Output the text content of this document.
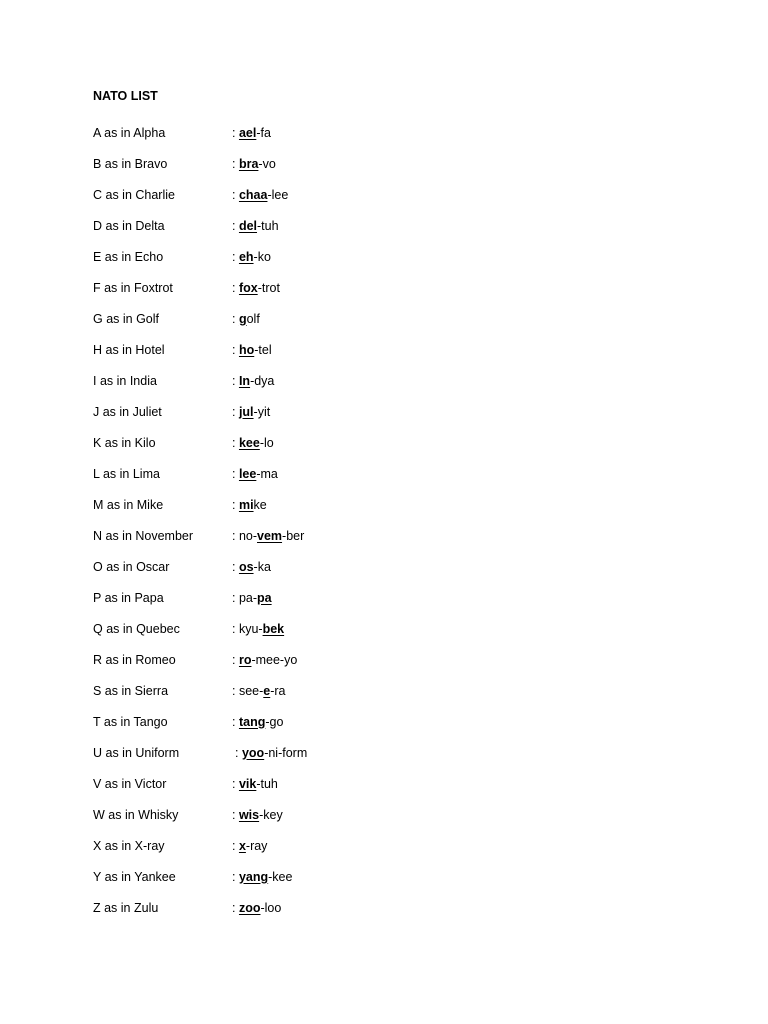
NATO LIST
A as in Alpha	: ael-fa
B as in Bravo	: bra-vo
C as in Charlie	: chaa-lee
D as in Delta	: del-tuh
E as in Echo	: eh-ko
F as in Foxtrot	: fox-trot
G as in Golf	: golf
H as in Hotel	: ho-tel
I as in India	: In-dya
J as in Juliet	: jul-yit
K as in Kilo	: kee-lo
L as in Lima	: lee-ma
M as in Mike	: mike
N as in November	: no-vem-ber
O as in Oscar	: os-ka
P as in Papa	: pa-pa
Q as in Quebec	: kyu-bek
R as in Romeo	: ro-mee-yo
S as in Sierra	: see-e-ra
T as in Tango	: tang-go
U as in Uniform	: yoo-ni-form
V as in Victor	: vik-tuh
W as in Whisky	: wis-key
X as in X-ray	: x-ray
Y as in Yankee	: yang-kee
Z as in Zulu	: zoo-loo
